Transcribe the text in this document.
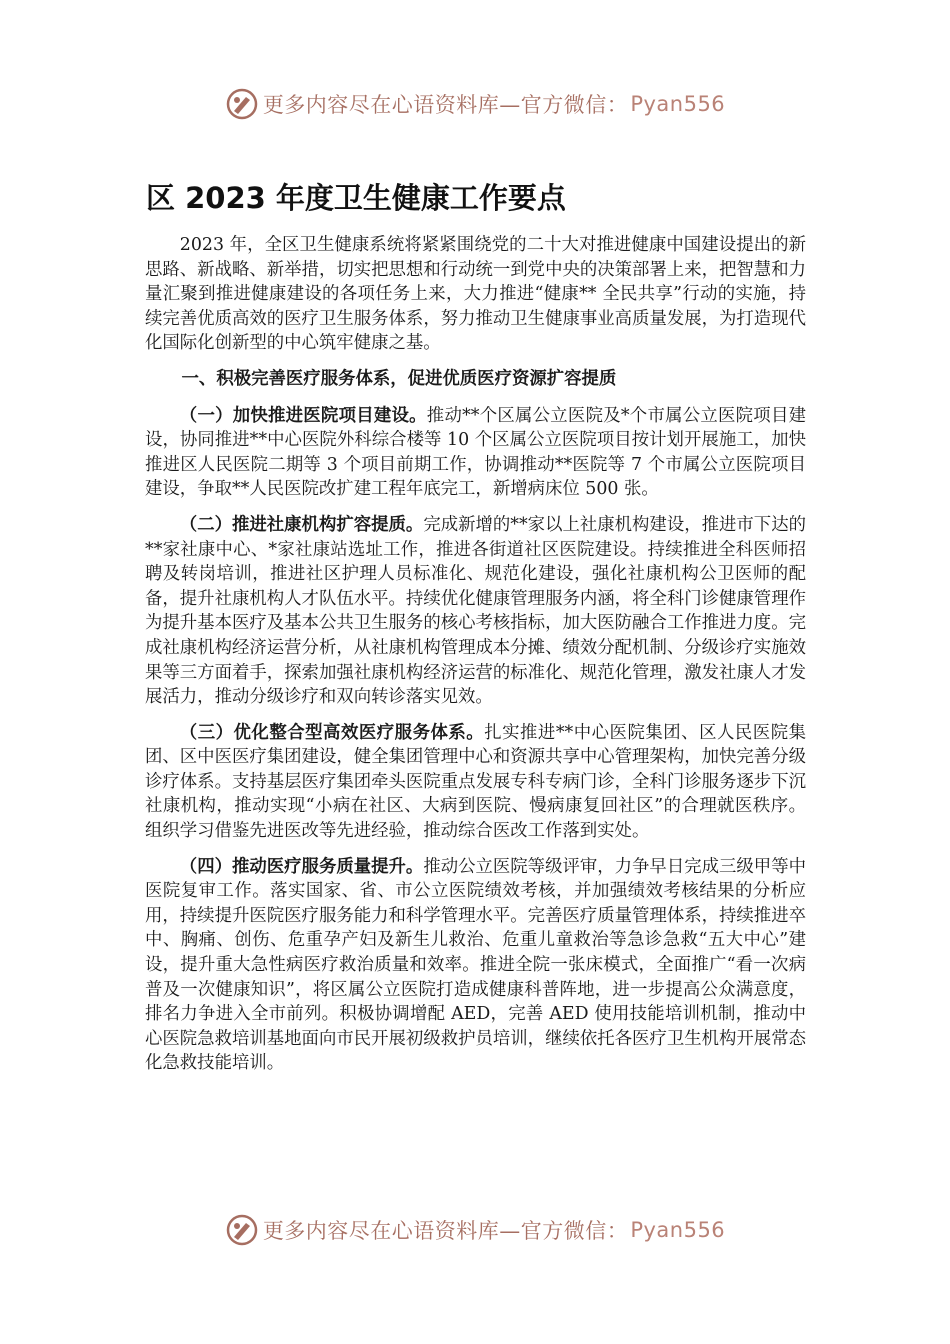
更多内容尽在心语资料库—官方微信： Pyan556
区 2023 年度卫生健康工作要点

2023 年，全区卫生健康系统将紧紧围绕党的二十大对推进健康中国建设提出的新思路、新战略、新举措，切实把思想和行动统一到党中央的决策部署上来，把智慧和力量汇聚到推进健康建设的各项任务上来，大力推进“健康** 全民共享”行动的实施，持续完善优质高效的医疗卫生服务体系，努力推动卫生健康事业高质量发展，为打造现代化国际化创新型的中心筑牢健康之基。

一、积极完善医疗服务体系，促进优质医疗资源扩容提质

（一）加快推进医院项目建设。推动**个区属公立医院及*个市属公立医院项目建设，协同推进**中心医院外科综合楼等 10 个区属公立医院项目按计划开展施工，加快推进区人民医院二期等 3 个项目前期工作，协调推动**医院等 7 个市属公立医院项目建设，争取**人民医院改扩建工程年底完工，新增病床位 500 张。

（二）推进社康机构扩容提质。完成新增的**家以上社康机构建设，推进市下达的**家社康中心、*家社康站选址工作，推进各街道社区医院建设。持续推进全科医师招聘及转岗培训，推进社区护理人员标准化、规范化建设，强化社康机构公卫医师的配备，提升社康机构人才队伍水平。持续优化健康管理服务内涵，将全科门诊健康管理作为提升基本医疗及基本公共卫生服务的核心考核指标，加大医防融合工作推进力度。完成社康机构经济运营分析，从社康机构管理成本分摊、绩效分配机制、分级诊疗实施效果等三方面着手，探索加强社康机构经济运营的标准化、规范化管理，激发社康人才发展活力，推动分级诊疗和双向转诊落实见效。

（三）优化整合型高效医疗服务体系。扎实推进**中心医院集团、区人民医院集团、区中医医疗集团建设，健全集团管理中心和资源共享中心管理架构，加快完善分级诊疗体系。支持基层医疗集团牵头医院重点发展专科专病门诊，全科门诊服务逐步下沉社康机构，推动实现“小病在社区、大病到医院、慢病康复回社区”的合理就医秩序。组织学习借鉴先进医改等先进经验，推动综合医改工作落到实处。

（四）推动医疗服务质量提升。推动公立医院等级评审，力争早日完成三级甲等中医院复审工作。落实国家、省、市公立医院绩效考核，并加强绩效考核结果的分析应用，持续提升医院医疗服务能力和科学管理水平。完善医疗质量管理体系，持续推进卒中、胸痛、创伤、危重孕产妇及新生儿救治、危重儿童救治等急诊急救“五大中心”建设，提升重大急性病医疗救治质量和效率。推进全院一张床模式，全面推广“看一次病普及一次健康知识”，将区属公立医院打造成健康科普阵地，进一步提高公众满意度，排名力争进入全市前列。积极协调增配 AED，完善 AED 使用技能培训机制，推动中心医院急救培训基地面向市民开展初级救护员培训，继续依托各医疗卫生机构开展常态化急救技能培训。

更多内容尽在心语资料库—官方微信： Pyan556
